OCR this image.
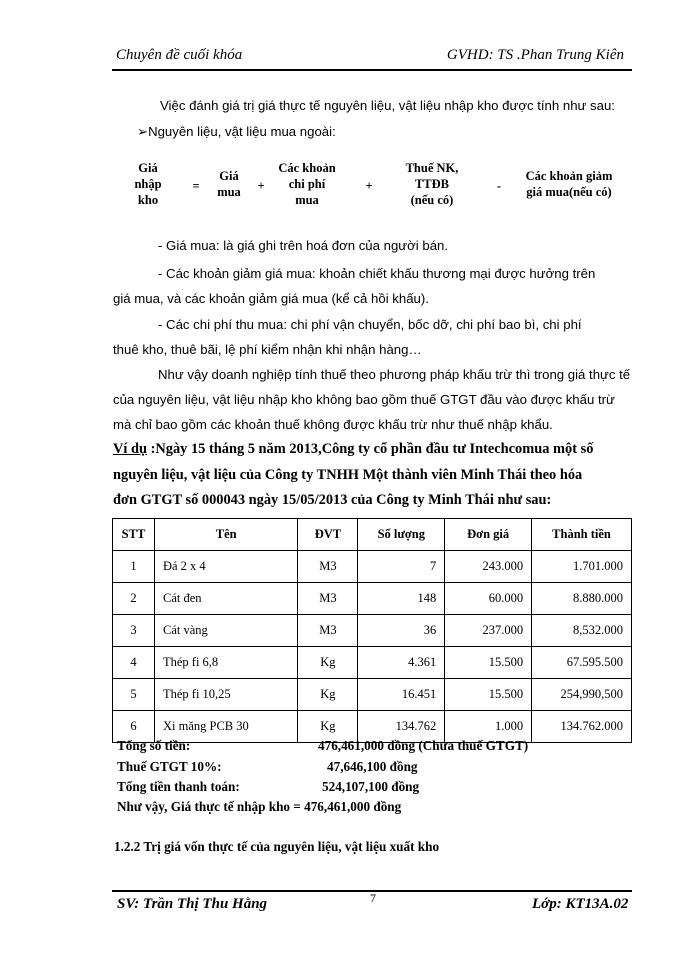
Chuyên đề cuối khóa	GVHD: TS .Phan Trung Kiên
Việc đánh giá trị giá thực tế nguyên liệu, vật liệu nhập kho được tính như sau:
➢Nguyên liệu, vật liệu mua ngoài:
Giá
nhập
kho
=
Giá
mua	+
Các khoản
chi phí
mua
+
Thuế NK,
TTĐB
(nếu có)
-
Các khoản giảm
giá mua(nếu có)
- Giá mua: là giá ghi trên hoá đơn của người bán.
- Các khoản giảm giá mua: khoản chiết khấu thương mại được hưởng trên
giá mua, và các khoản giảm giá mua (kể cả hồi khấu).
- Các chi phí thu mua: chi phí vận chuyển, bốc dỡ, chi phí bao bì, chi phí
thuê kho, thuê bãi, lệ phí kiểm nhận khi nhận hàng…
Như vậy doanh nghiệp tính thuế theo phương pháp khấu trừ thì trong giá thực tế
của nguyên liệu, vật liệu nhập kho không bao gồm thuế GTGT đầu vào được khấu trừ
mà chỉ bao gồm các khoản thuế không được khấu trừ như thuế nhập khẩu.
Ví dụ :Ngày 15 tháng 5 năm 2013,Công ty cổ phần đầu tư Intechcomua một số
nguyên liệu, vật liệu của Công ty TNHH Một thành viên Minh Thái theo hóa
đơn GTGT số 000043 ngày 15/05/2013 của Công ty Minh Thái như sau:
STT	Tên	ĐVT	Số lượng	Đơn giá	Thành tiền
1	Đá 2 x 4	M3	7	243.000	1.701.000
2	Cát đen	M3	148	60.000	8.880.000
3	Cát vàng	M3	36	237.000	8,532.000
4	Thép fi 6,8	Kg	4.361	15.500	67.595.500
5	Thép fi 10,25	Kg	16.451	15.500	254,990,500
6	Xi măng PCB 30	Kg	134.762	1.000	134.762.000
Tổng số tiền:	476,461,000 đồng (Chưa thuế GTGT)
Thuế GTGT 10%:	47,646,100 đồng
Tổng tiền thanh toán:	524,107,100 đồng
Như vậy, Giá thực tế nhập kho = 476,461,000 đồng
1.2.2 Trị giá vốn thực tế của nguyên liệu, vật liệu xuất kho
SV: Trần Thị Thu Hằng	7	Lớp: KT13A.02
